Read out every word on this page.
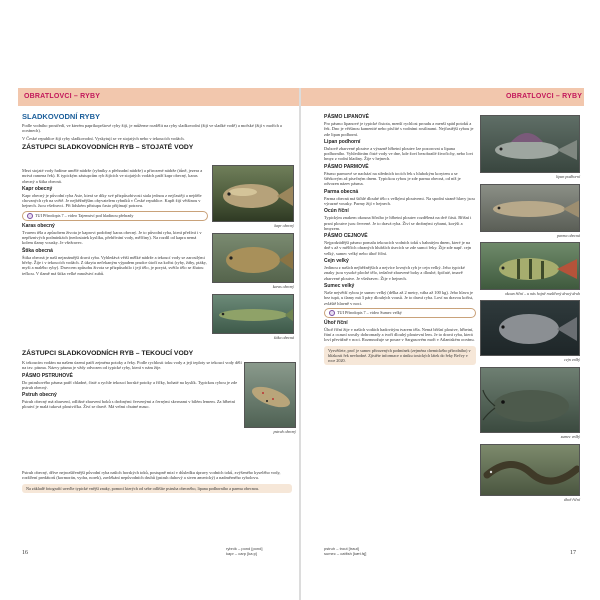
OBRATLOVCI – RYBY	OBRATLOVCI – RYBY
SLADKOVODNÍ RYBY
Podle vodního prostředí, ve kterém papríkoprštové ryby žijí, je můžeme rozdělit na ryby sladkovodní (žijí ve sladké vodě) a mořské (žijí v mořích a oceánech).
V České republice žijí ryby sladkovodní. Vyskytují se ve stojatých nebo v tekoucích vodách.
ZÁSTUPCI SLADKOVODNÍCH RYB – STOJATÉ VODY
Mezi stojaté vody řadíme umělé nádrže (rybníky a přehradní nádrže) a přirozené nádrže (tůně, jezera a mrtvá ramena řek). K typickým zástupcům ryb žijících ve stojatých vodách patří kapr obecný, karas obecný a štika obecná.
Kapr obecný
Kapr obecný je původní ryba Asie, která se díky své přizpůsobivosti stala jednou z nejčastěji a nejdéle chovaných ryb na světě. Je nejběžnějším obyvatelem rybníků v České republice. Kapři žijí většinou v hejnech. Jsou všežravci. Při lidském přistupu často přijímají potravu.
TUI Přírodopis 7 – video Tajemství pod hladinou přehrady
Karas obecný
Tvarem těla a způsobem života je kaprovi podobný karas obecný. Je to původní ryba, která přežívá i v nepříznivých podmínkách (nedostatek kyslíku, přehřívání vody, mělčiny). Na rozdíl od kapra nemá kolem tlamy vousky. Je všežravec.
Štika obecná
Štika obecná je naší nejznámější dravá ryba. Vyhledává větší mělké nádrže a tekoucí vody se zarostlými břehy. Žije i v tekoucích vodách. Z úkrytu nečekaným výpadem prudce útočí na kořist (ryby, žáby, ptáky, myši a malého ryby). Dravcem způsobu života se přizpůsobilo i její tělo, je porytá, světlo tělo se žlutou tečkou. V tlamě má štika velké množství zubů.
ZÁSTUPCI SLADKOVODNÍCH RYB – TEKOUCÍ VODY
K tekoucím vodám na našem území patří zejména potoky a řeky. Podle rychlosti toku vody a její teploty se tekoucí vody dělí na tzv. pásma. Názvy pásma je vždy odvozen od typické ryby, která v nám žije.
PÁSMO PSTRUHOVÉ
Do pstruhového pásma patří chladné, čisté a rychle tekoucí horské potoky a říčky, bohaté na kyslík. Typickou rybou je zde pstruh obecný.
Pstruh obecný
Pstruh obecný má zbarvení, odlišné zbarvení boků s drobnými červenými a černými skvrnami v bílém lemem. Za hřbetní ploutví je malá tuková ploutvička. Živí se dravě. Má velmi chutné maso.
Pstruh obecný, dříve nejrozšířenější původní ryba našich horských toků, postupně mizí v důsledku úpravy vodních toků, zvýšeného kyselého vody, rozšíření predátorů (kormorán, vydra, norek), zavlékání nepůvodních druhů (pstruh duhový a siven americký) a nadměrného rybolovu.
Na základě fotografií uveďte typické vnější znaky, pomocí kterých od sebe odlišíte pstruha obecného, lipana podhorního a parmu obecnou.
kapr obecný
karas obecný
štika obecná
pstruh obecný
PÁSMO LIPANOVÉ
Pro pásmo lipanové je typické čistota, menší rychlost proudu a menší spád potoků a řek. Dno je většinou kamenité nebo písčité s vodními rostlinami. Nejčastější rybou je zde lipan podhorní.
Lipan podhorní
Dubově zbarvené ploutve a výrazně hřbetní ploutev lze pozorovat u lipana podhorního. Vyhledávám čisté vody ve dne, kde žoví bezobratlé živočichy, nebo lovi hmyz z vodní hladiny. Žije v hejnech.
PÁSMO PARMOVÉ
Pásmo parmové se nachází na středních tocích řek s hlubokým korytem a se štěrkovým až písečným dnem. Typickou rybou je zde parma obecná, od níž je odvozen název pásma.
Parma obecná
Parma obecná má štíhlé dlouhé tělo s velkými ploutvemi. Na spodní straně hlavy jsou výrazné vousky. Parmy žijí v hejnech.
Ocún říční
Typickým znakem okouna říčního je hřbetní ploutev rozdělená na dvě části. Břišní i prsní ploutve jsou červené. Je to dravá ryba. Živí se drobnými rybami, korýši a hmyzem.
PÁSMO CEJNOVÉ
Nejpodzádější pásmo pomalu tekoucích vodních toků s bahnitým dnem, které je na dně s až v mělčích ohraných hlubších úsecích se zde sumci řeky. Žije zde např. cejn velký, sumec velký nebo úhoř říční.
Cejn velký
Jedinou z našich nejběžnějších a nejvíce lovných ryb je cejn velký. Jeho typické znaky jsou vysoké ploché tělo, tedačné zbarvené boky a dlouhé, špičaté, tmavě zbarvené ploutve. Je všežravec. Žije v hejnech.
Sumec velký
Naše největší rybou je sumec velký (délka až 2 metry, váha až 100 kg). Jeho hlava je bez tupá, u tlamy má 3 páry dlouhých vousů. Je to dravá ryba. Loví na dravou kořist, zvláště hlavně v noci.
TUI Přírodopis 7 – video Sumec velký
Úhoř říční
Úhoř říční žije v našich vodách hadovitým tvarem těla. Nemá břišní ploutve, hřbetní, řitní a ocasní srostly dohromady a tvoří dlouhý ploutevní lem. Je to dravá ryba, která loví převážně v noci. Rozmnožuje se pouze v Sargasovém moři v Atlantském oceánu.
Vysvětlete, proč je sumec přirozených podmínek (zejména chemického přírodního) v blízkosti řek nevhodné. Zjistěte informace o úniku toxických látek do řeky Bečvy v roce 2020.
lipan podhorní
parma obecná
okoun říční – u nás hojně rozšířený dravý druh
cejn velký
sumec velký
úhoř říční
16
rybník – pond [pond]
kapr – carp [ka:p]
pstruh – trout [traut]
sumec – catfish [kæt.fɪʃ]	17
